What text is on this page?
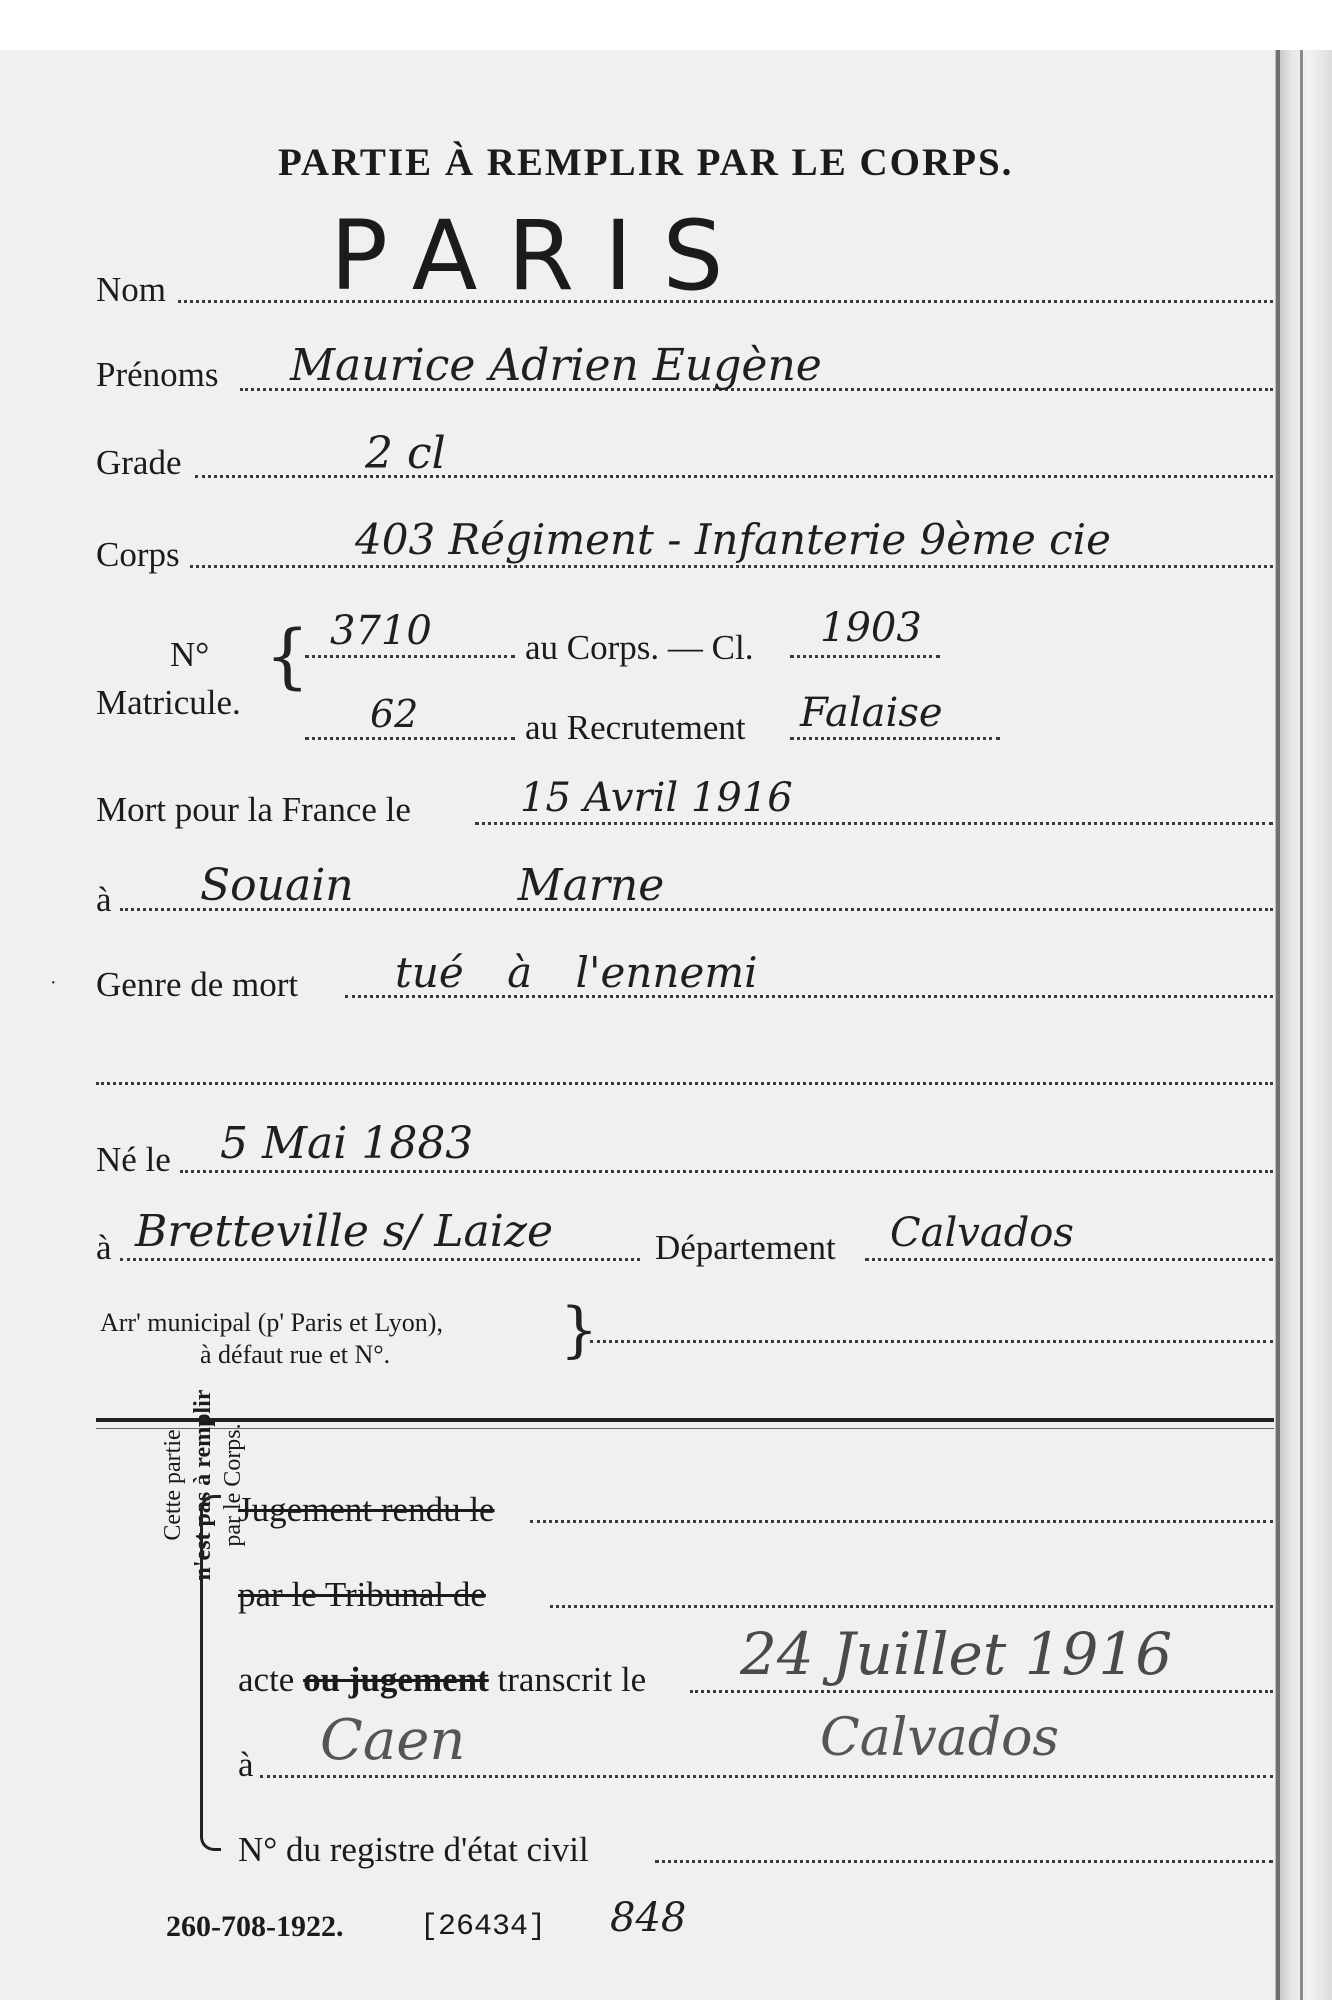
PARTIE À REMPLIR PAR LE CORPS.
Nom PARIS
Prénoms Maurice Adrien Eugène
Grade	2 cl
Corps	403 Régiment - Infanterie 9ème cie
N°
Matricule.
{ 3710	au Corps. — Cl. 1903
62	au Recrutement Falaise
Mort pour la France le	15 Avril 1916
à Souain Marne
· Genre de mort tué à l'ennemi
Né le 5 Mai 1883
à Bretteville s/ Laize	Département Calvados
Arr' municipal (p' Paris et Lyon),
à défaut rue et N°.	}
Cette partie n'est pas à remplir par le Corps.
Jugement rendu le
par le Tribunal de
acte ou jugement transcrit le 24 Juillet 1916
à Caen	Calvados
N° du registre d'état civil
260-708-1922.	[26434] 848
